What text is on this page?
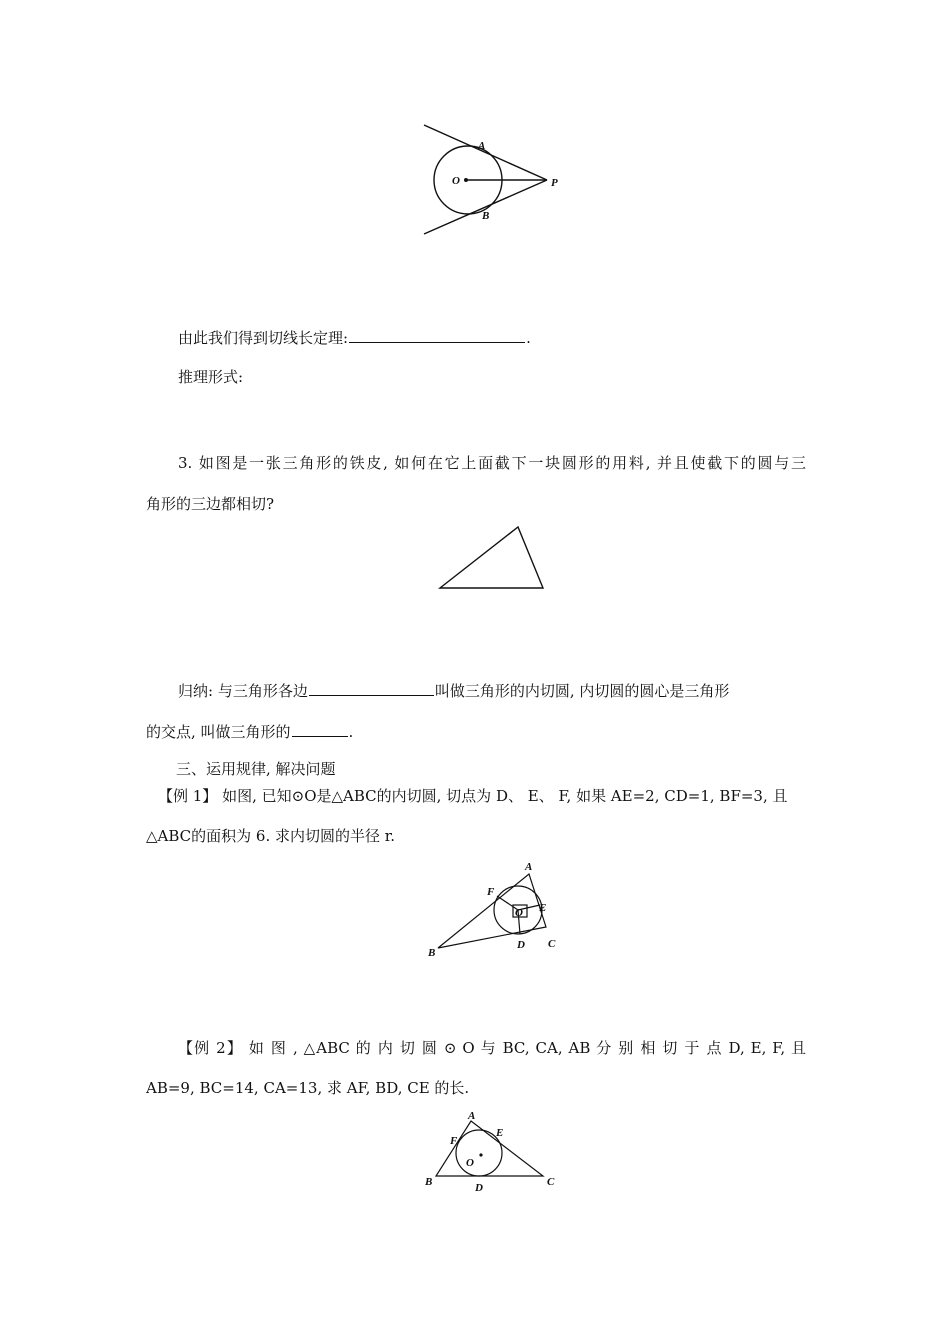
A
O	P
B
A
F
E
O
B
D C
A
E
F
O
B	D	C
由此我们得到切线长定理:	.
推理形式:
3. 如图是一张三角形的铁皮, 如何在它上面截下一块圆形的用料, 并且使截下的圆与三
角形的三边都相切?
归纳: 与三角形各边	叫做三角形的内切圆, 内切圆的圆心是三角形
的交点, 叫做三角形的	.
三、运用规律, 解决问题
【例 1】 如图, 已知⊙O是△ABC的内切圆, 切点为 D、 E、 F, 如果 AE=2, CD=1, BF=3, 且
△ABC的面积为 6. 求内切圆的半径 r.
【例 2】 如 图 , △ABC 的 内 切 圆 ⊙ O 与 BC, CA, AB 分 别 相 切 于 点 D, E, F, 且
AB=9, BC=14, CA=13, 求 AF, BD, CE 的长.
